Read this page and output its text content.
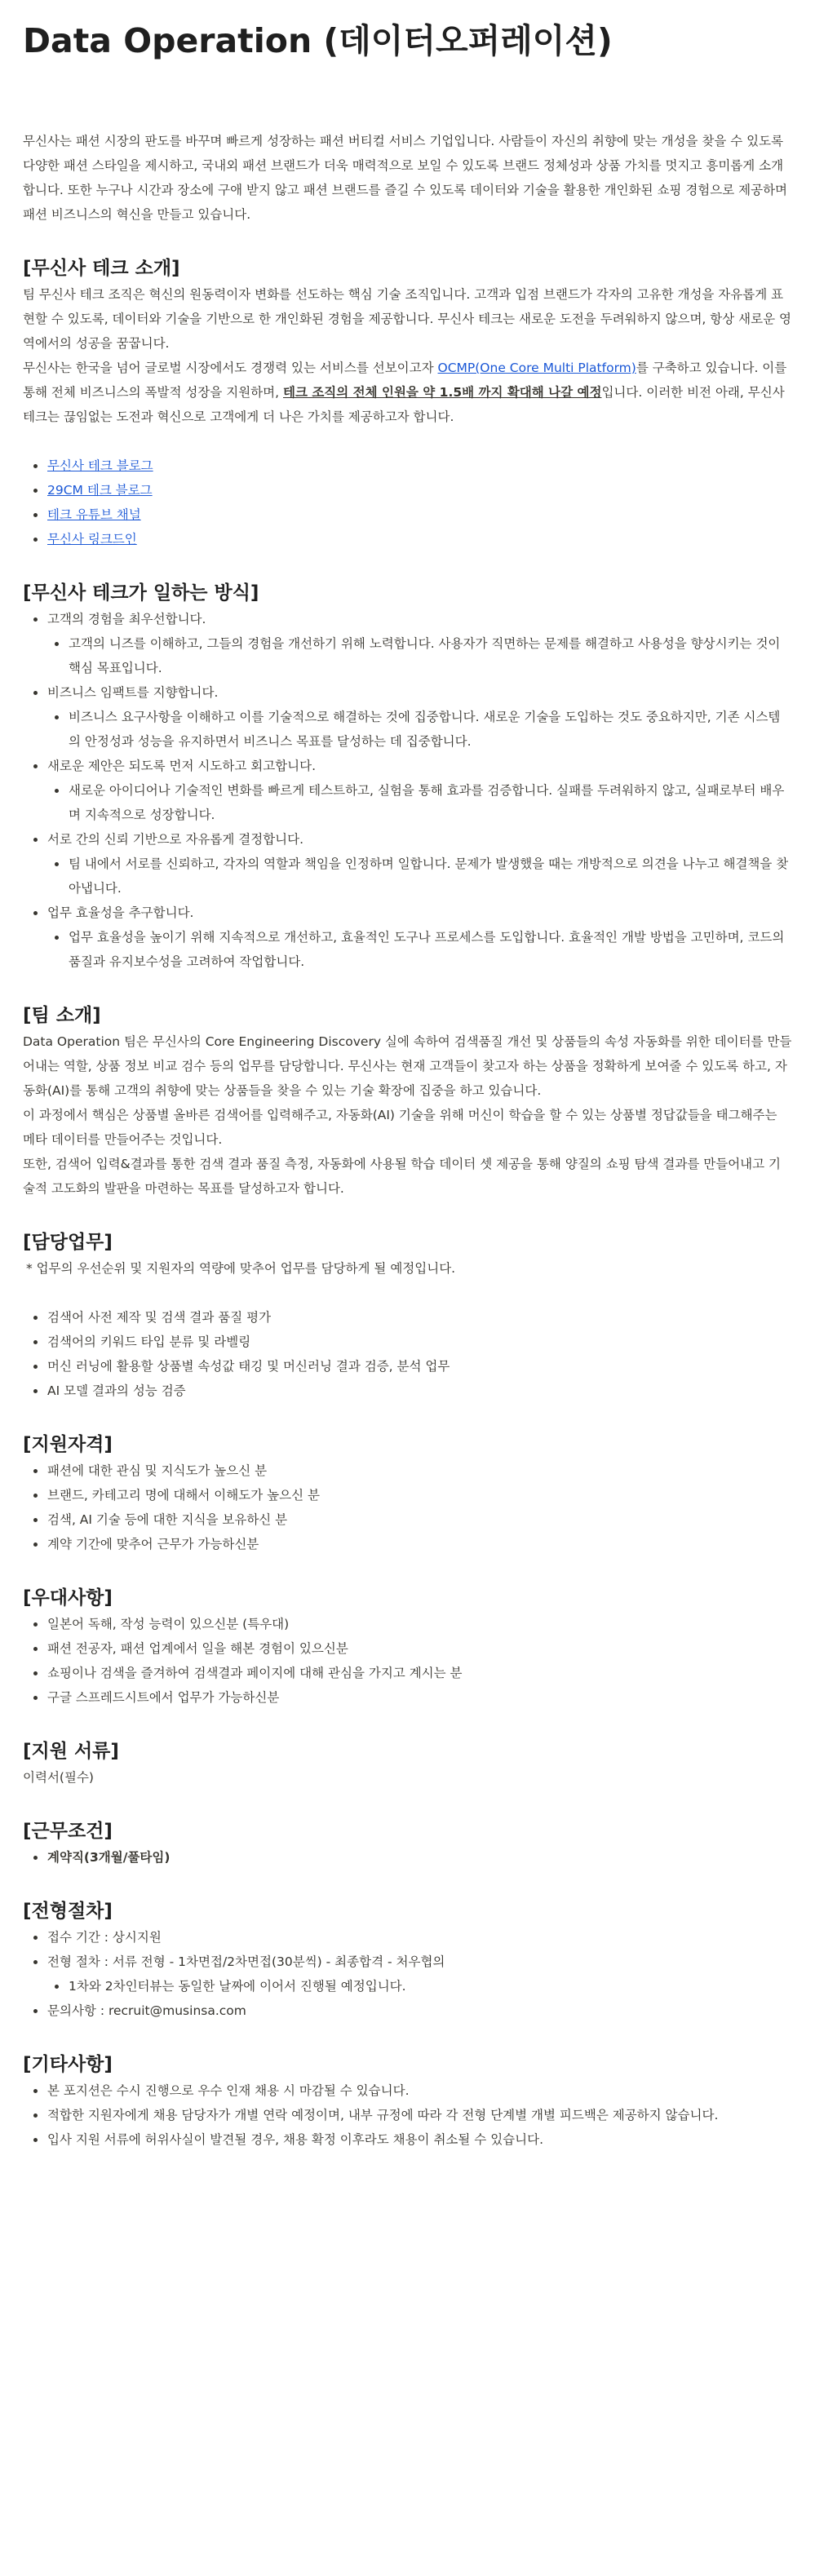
Data Operation (데이터오퍼레이션)

무신사는 패션 시장의 판도를 바꾸며 빠르게 성장하는 패션 버티컬 서비스 기업입니다. 사람들이 자신의 취향에 맞는 개성을 찾을 수 있도록 다양한 패션 스타일을 제시하고, 국내외 패션 브랜드가 더욱 매력적으로 보일 수 있도록 브랜드 정체성과 상품 가치를 멋지고 흥미롭게 소개합니다. 또한 누구나 시간과 장소에 구애 받지 않고 패션 브랜드를 즐길 수 있도록 데이터와 기술을 활용한 개인화된 쇼핑 경험으로 제공하며 패션 비즈니스의 혁신을 만들고 있습니다.

[무신사 테크 소개]

팀 무신사 테크 조직은 혁신의 원동력이자 변화를 선도하는 핵심 기술 조직입니다. 고객과 입점 브랜드가 각자의 고유한 개성을 자유롭게 표현할 수 있도록, 데이터와 기술을 기반으로 한 개인화된 경험을 제공합니다. 무신사 테크는 새로운 도전을 두려워하지 않으며, 항상 새로운 영역에서의 성공을 꿈꿉니다.

무신사는 한국을 넘어 글로벌 시장에서도 경쟁력 있는 서비스를 선보이고자 OCMP(One Core Multi Platform)를 구축하고 있습니다. 이를 통해 전체 비즈니스의 폭발적 성장을 지원하며, 테크 조직의 전체 인원을 약 1.5배 까지 확대해 나갈 예정입니다. 이러한 비전 아래, 무신사 테크는 끊임없는 도전과 혁신으로 고객에게 더 나은 가치를 제공하고자 합니다.

무신사 테크 블로그
29CM 테크 블로그
테크 유튜브 채널
무신사 링크드인
[무신사 테크가 일하는 방식]
고객의 경험을 최우선합니다.
고객의 니즈를 이해하고, 그들의 경험을 개선하기 위해 노력합니다. 사용자가 직면하는 문제를 해결하고 사용성을 향상시키는 것이 핵심 목표입니다.
비즈니스 임팩트를 지향합니다.
비즈니스 요구사항을 이해하고 이를 기술적으로 해결하는 것에 집중합니다. 새로운 기술을 도입하는 것도 중요하지만, 기존 시스템의 안정성과 성능을 유지하면서 비즈니스 목표를 달성하는 데 집중합니다.
새로운 제안은 되도록 먼저 시도하고 회고합니다.
새로운 아이디어나 기술적인 변화를 빠르게 테스트하고, 실험을 통해 효과를 검증합니다. 실패를 두려워하지 않고, 실패로부터 배우며 지속적으로 성장합니다.
서로 간의 신뢰 기반으로 자유롭게 결정합니다.
팀 내에서 서로를 신뢰하고, 각자의 역할과 책임을 인정하며 일합니다. 문제가 발생했을 때는 개방적으로 의견을 나누고 해결책을 찾아냅니다.
업무 효율성을 추구합니다.
업무 효율성을 높이기 위해 지속적으로 개선하고, 효율적인 도구나 프로세스를 도입합니다. 효율적인 개발 방법을 고민하며, 코드의 품질과 유지보수성을 고려하여 작업합니다.
[팀 소개]

Data Operation 팀은 무신사의 Core Engineering Discovery 실에 속하여 검색품질 개선 및 상품들의 속성 자동화를 위한 데이터를 만들어내는 역할, 상품 정보 비교 검수 등의 업무를 담당합니다. 무신사는 현재 고객들이 찾고자 하는 상품을 정확하게 보여줄 수 있도록 하고, 자동화(AI)를 통해 고객의 취향에 맞는 상품들을 찾을 수 있는 기술 확장에 집중을 하고 있습니다.

이 과정에서 핵심은 상품별 올바른 검색어를 입력해주고, 자동화(AI) 기술을 위해 머신이 학습을 할 수 있는 상품별 정답값들을 태그해주는 메타 데이터를 만들어주는 것입니다.

또한, 검색어 입력&결과를 통한 검색 결과 품질 측정, 자동화에 사용될 학습 데이터 셋 제공을 통해 양질의 쇼핑 탐색 결과를 만들어내고 기술적 고도화의 발판을 마련하는 목표를 달성하고자 합니다.

[담당업무]
* 업무의 우선순위 및 지원자의 역량에 맞추어 업무를 담당하게 될 예정입니다.
검색어 사전 제작 및 검색 결과 품질 평가
검색어의 키워드 타입 분류 및 라벨링
머신 러닝에 활용할 상품별 속성값 태깅 및 머신러닝 결과 검증, 분석 업무
AI 모델 결과의 성능 검증
[지원자격]
패션에 대한 관심 및 지식도가 높으신 분
브랜드, 카테고리 명에 대해서 이해도가 높으신 분
검색, AI 기술 등에 대한 지식을 보유하신 분
계약 기간에 맞추어 근무가 가능하신분
[우대사항]
일본어 독해, 작성 능력이 있으신분 (특우대)
패션 전공자, 패션 업계에서 일을 해본 경험이 있으신분
쇼핑이나 검색을 즐겨하여 검색결과 페이지에 대해 관심을 가지고 계시는 분
구글 스프레드시트에서 업무가 가능하신분
[지원 서류]

이력서(필수)

[근무조건]
계약직(3개월/풀타임)
[전형절차]
접수 기간 : 상시지원
전형 절차 : 서류 전형 - 1차면접/2차면접(30분씩) - 최종합격 - 처우협의
1차와 2차인터뷰는 동일한 날짜에 이어서 진행될 예정입니다.
문의사항 : recruit@musinsa.com
[기타사항]
본 포지션은 수시 진행으로 우수 인재 채용 시 마감될 수 있습니다.
적합한 지원자에게 채용 담당자가 개별 연락 예정이며, 내부 규정에 따라 각 전형 단계별 개별 피드백은 제공하지 않습니다.
입사 지원 서류에 허위사실이 발견될 경우, 채용 확정 이후라도 채용이 취소될 수 있습니다.
